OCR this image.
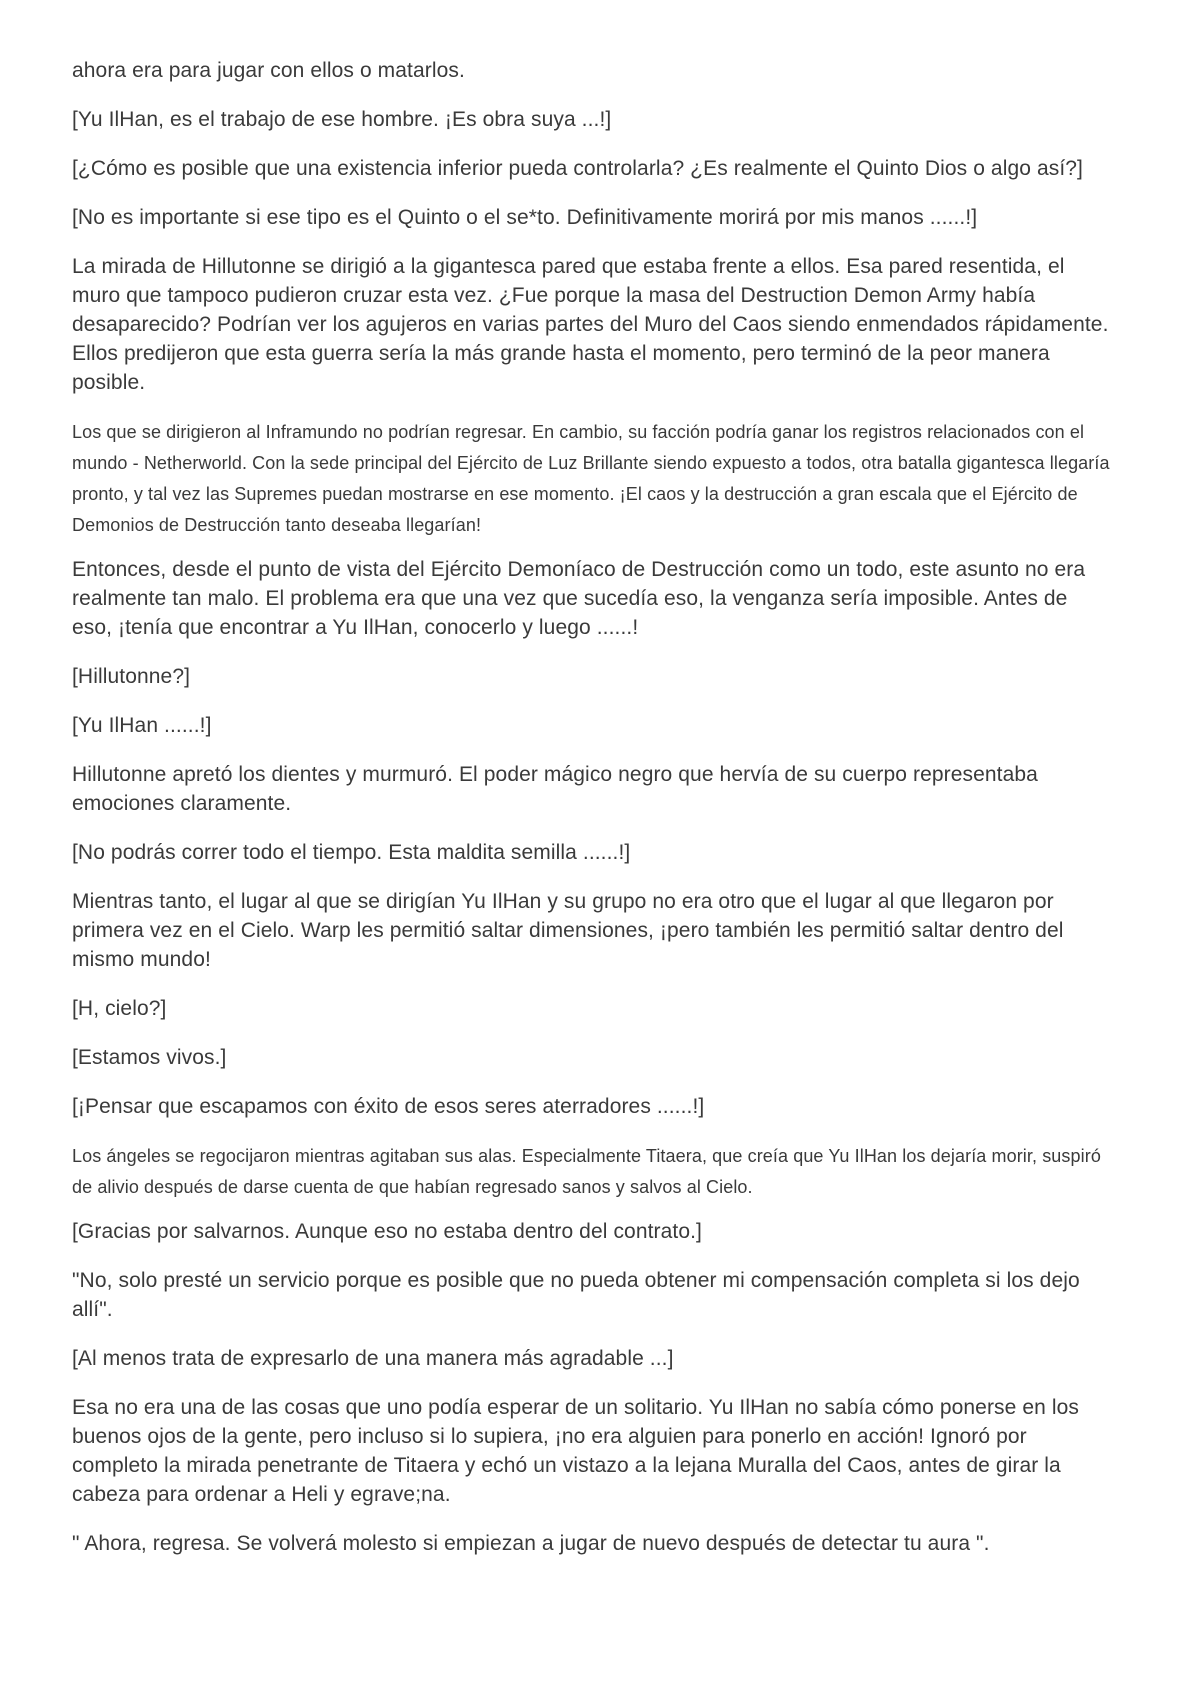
ahora era para jugar con ellos o matarlos.

[Yu IlHan, es el trabajo de ese hombre. ¡Es obra suya ...!]

[¿Cómo es posible que una existencia inferior pueda controlarla? ¿Es realmente el Quinto Dios o algo así?]

[No es importante si ese tipo es el Quinto o el se*to. Definitivamente morirá por mis manos ......!]

La mirada de Hillutonne se dirigió a la gigantesca pared que estaba frente a ellos. Esa pared resentida, el muro que tampoco pudieron cruzar esta vez. ¿Fue porque la masa del Destruction Demon Army había desaparecido? Podrían ver los agujeros en varias partes del Muro del Caos siendo enmendados rápidamente. Ellos predijeron que esta guerra sería la más grande hasta el momento, pero terminó de la peor manera posible.

Los que se dirigieron al Inframundo no podrían regresar. En cambio, su facción podría ganar los registros relacionados con el mundo - Netherworld. Con la sede principal del Ejército de Luz Brillante siendo expuesto a todos, otra batalla gigantesca llegaría pronto, y tal vez las Supremes puedan mostrarse en ese momento. ¡El caos y la destrucción a gran escala que el Ejército de Demonios de Destrucción tanto deseaba llegarían!

Entonces, desde el punto de vista del Ejército Demoníaco de Destrucción como un todo, este asunto no era realmente tan malo. El problema era que una vez que sucedía eso, la venganza sería imposible. Antes de eso, ¡tenía que encontrar a Yu IlHan, conocerlo y luego ......!

[Hillutonne?]

[Yu IlHan ......!]

Hillutonne apretó los dientes y murmuró. El poder mágico negro que hervía de su cuerpo representaba emociones claramente.

[No podrás correr todo el tiempo. Esta maldita semilla ......!]

Mientras tanto, el lugar al que se dirigían Yu IlHan y su grupo no era otro que el lugar al que llegaron por primera vez en el Cielo. Warp les permitió saltar dimensiones, ¡pero también les permitió saltar dentro del mismo mundo!

[H, cielo?]

[Estamos vivos.]

[¡Pensar que escapamos con éxito de esos seres aterradores ......!]

Los ángeles se regocijaron mientras agitaban sus alas. Especialmente Titaera, que creía que Yu IlHan los dejaría morir, suspiró de alivio después de darse cuenta de que habían regresado sanos y salvos al Cielo.

[Gracias por salvarnos. Aunque eso no estaba dentro del contrato.]

"No, solo presté un servicio porque es posible que no pueda obtener mi compensación completa si los dejo allí".

[Al menos trata de expresarlo de una manera más agradable ...]

Esa no era una de las cosas que uno podía esperar de un solitario. Yu IlHan no sabía cómo ponerse en los buenos ojos de la gente, pero incluso si lo supiera, ¡no era alguien para ponerlo en acción! Ignoró por completo la mirada penetrante de Titaera y echó un vistazo a la lejana Muralla del Caos, antes de girar la cabeza para ordenar a Heli y egrave;na.

" Ahora, regresa. Se volverá molesto si empiezan a jugar de nuevo después de detectar tu aura ".
